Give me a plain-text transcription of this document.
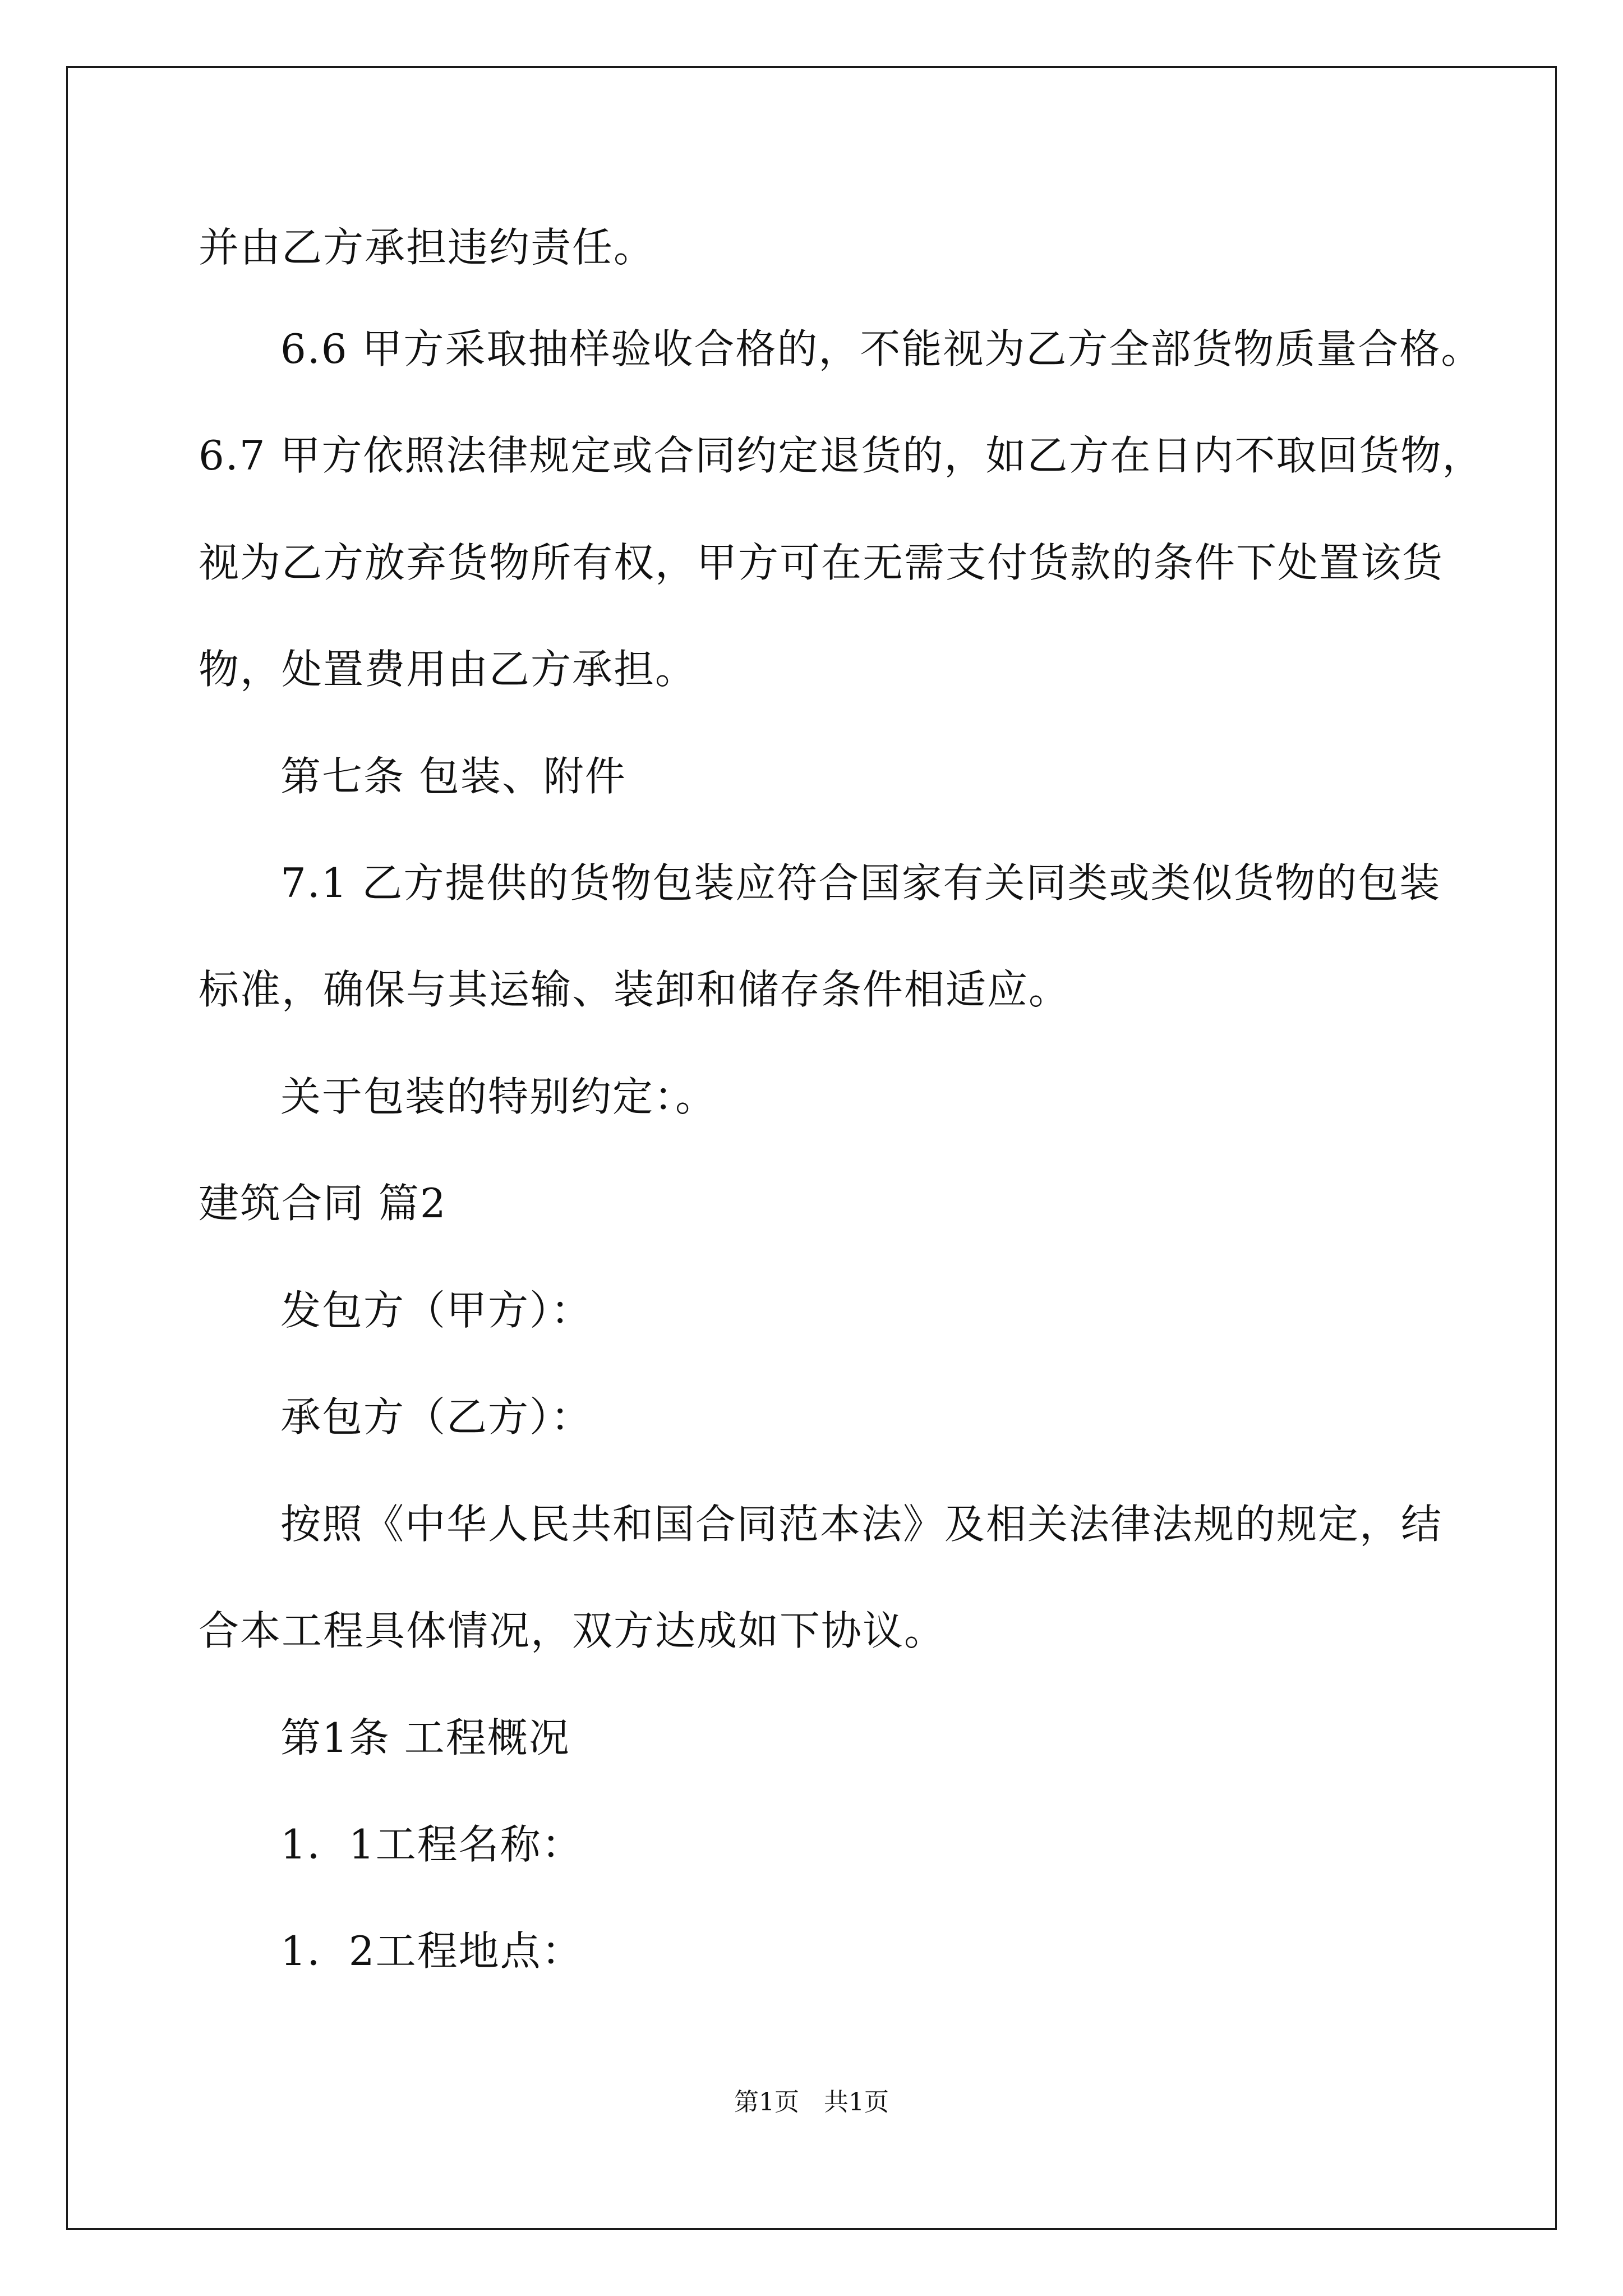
并由乙方承担违约责任。
6.6 甲方采取抽样验收合格的，不能视为乙方全部货物质量合格。
6.7 甲方依照法律规定或合同约定退货的，如乙方在日内不取回货物，
视为乙方放弃货物所有权，甲方可在无需支付货款的条件下处置该货
物，处置费用由乙方承担。
第七条 包装、附件
7.1 乙方提供的货物包装应符合国家有关同类或类似货物的包装
标准，确保与其运输、装卸和储存条件相适应。
关于包装的特别约定：。
建筑合同 篇2
发包方（甲方）：
承包方（乙方）：
按照《中华人民共和国合同范本法》及相关法律法规的规定，结
合本工程具体情况，双方达成如下协议。
第1条 工程概况
1．1工程名称：
1．2工程地点：
第1页　共1页
